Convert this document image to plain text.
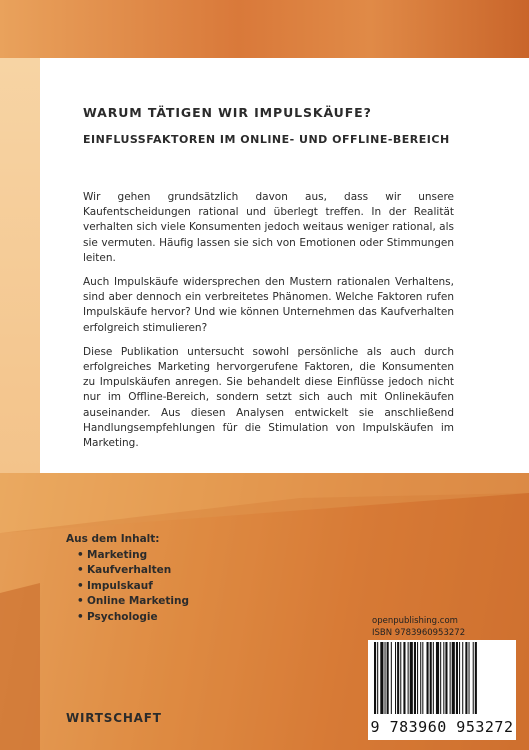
WARUM TÄTIGEN WIR IMPULSKÄUFE?
EINFLUSSFAKTOREN IM ONLINE- UND OFFLINE-BEREICH

Wir gehen grundsätzlich davon aus, dass wir unsere Kaufentscheidungen rational und überlegt treffen. In der Realität verhalten sich viele Konsumenten jedoch weitaus weniger rational, als sie vermuten. Häufig lassen sie sich von Emotionen oder Stimmungen leiten.

Auch Impulskäufe widersprechen den Mustern rationalen Verhaltens, sind aber dennoch ein verbreitetes Phänomen. Welche Faktoren rufen Impulskäufe hervor? Und wie können Unternehmen das Kaufverhalten erfolgreich stimulieren?

Diese Publikation untersucht sowohl persönliche als auch durch erfolgreiches Marketing hervorgerufene Faktoren, die Konsumenten zu Impulskäufen anregen. Sie behandelt diese Einflüsse jedoch nicht nur im Offline-Bereich, sondern setzt sich auch mit Onlinekäufen auseinander. Aus diesen Analysen entwickelt sie anschließend Handlungsempfehlungen für die Stimulation von Impulskäufen im Marketing.

Aus dem Inhalt:
• Marketing
• Kaufverhalten
• Impulskauf
• Online Marketing
• Psychologie
WIRTSCHAFT
openpublishing.com
ISBN 9783960953272
9 783960 953272
